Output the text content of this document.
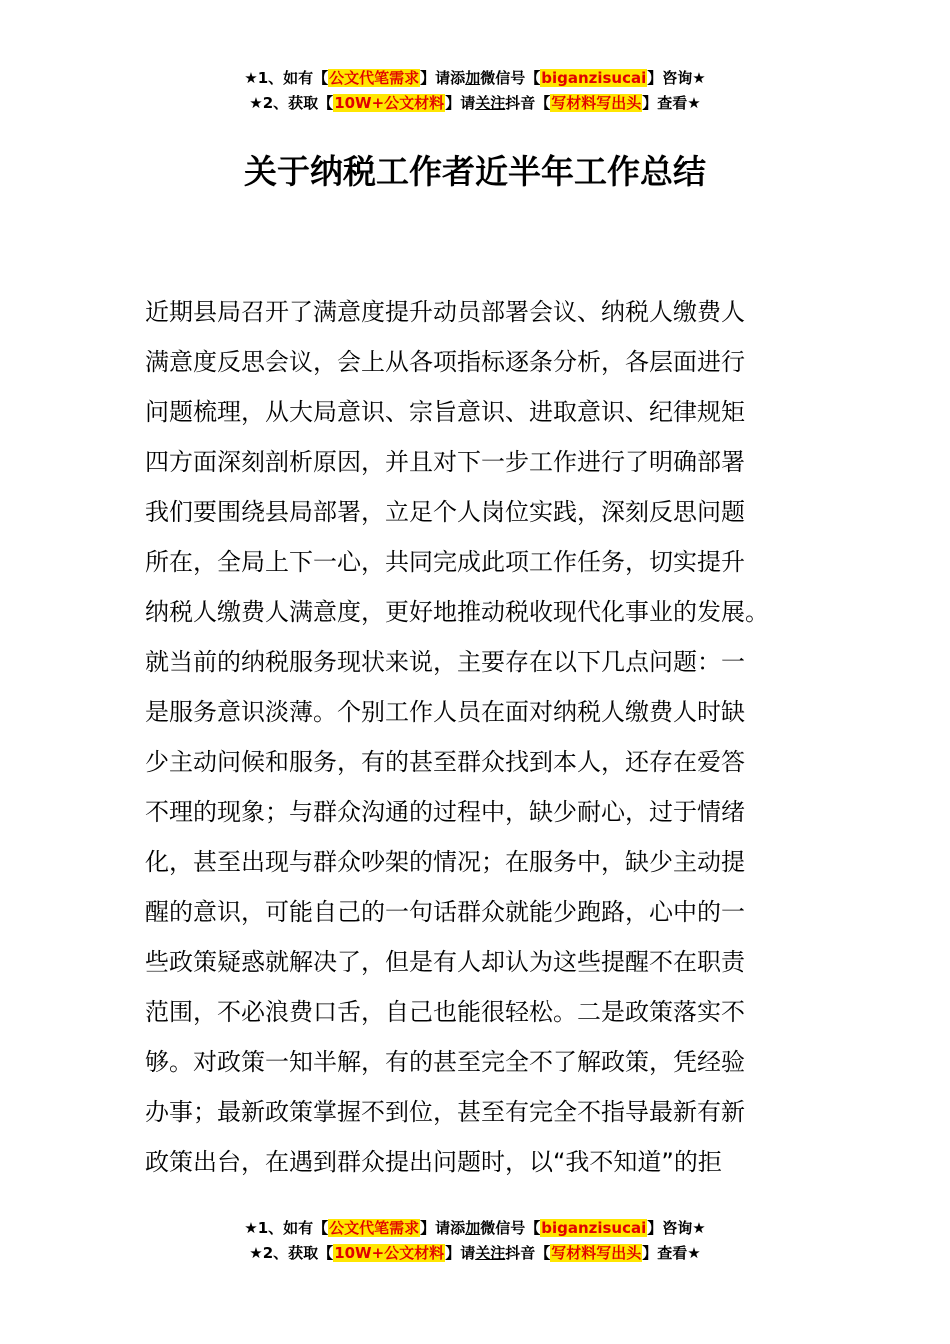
★1、如有【公文代笔需求】请添加微信号【biganzisucai】咨询★
★2、获取【10W+公文材料】请关注抖音【写材料写出头】查看★
关于纳税工作者近半年工作总结
近期县局召开了满意度提升动员部署会议、纳税人缴费人
满意度反思会议，会上从各项指标逐条分析，各层面进行
问题梳理，从大局意识、宗旨意识、进取意识、纪律规矩
四方面深刻剖析原因，并且对下一步工作进行了明确部署
我们要围绕县局部署，立足个人岗位实践，深刻反思问题
所在，全局上下一心，共同完成此项工作任务，切实提升
纳税人缴费人满意度，更好地推动税收现代化事业的发展。
就当前的纳税服务现状来说，主要存在以下几点问题：一
是服务意识淡薄。个别工作人员在面对纳税人缴费人时缺
少主动问候和服务，有的甚至群众找到本人，还存在爱答
不理的现象；与群众沟通的过程中，缺少耐心，过于情绪
化，甚至出现与群众吵架的情况；在服务中，缺少主动提
醒的意识，可能自己的一句话群众就能少跑路，心中的一
些政策疑惑就解决了，但是有人却认为这些提醒不在职责
范围，不必浪费口舌，自己也能很轻松。二是政策落实不
够。对政策一知半解，有的甚至完全不了解政策，凭经验
办事；最新政策掌握不到位，甚至有完全不指导最新有新
政策出台，在遇到群众提出问题时，以“我不知道”的拒
★1、如有【公文代笔需求】请添加微信号【biganzisucai】咨询★
★2、获取【10W+公文材料】请关注抖音【写材料写出头】查看★
